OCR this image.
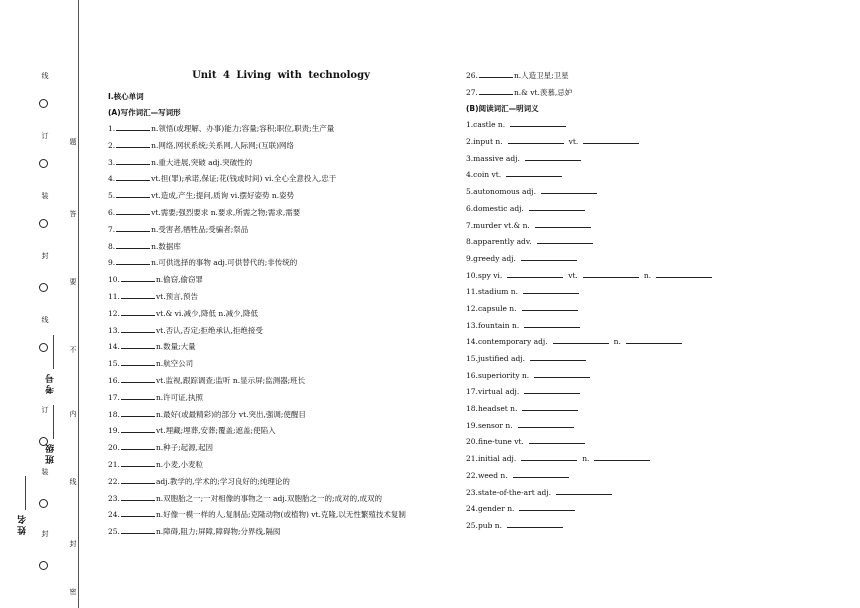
线
订
装
封
线
订
装
封
姓名
班级
考号
题
答
要
不
内
线
封
密
Unit 4 Living with technology
Ⅰ.核心单词
(A)写作词汇—写词形
1.	n.领悟(或理解、办事)能力;容量;容积;职位,职责;生产量
2.	n.网络,网状系统;关系网,人际网;(互联)网络
3.	n.重大进展,突破 adj.突破性的
4.	vt.担(罪);承诺,保证;花(钱或时间) vi.全心全意投入,忠于
5.	vt.造成,产生;提问,质询 vi.摆好姿势 n.姿势
6.	vt.需要;强烈要求 n.要求,所需之物;需求,需要
7.	n.受害者,牺牲品;受骗者;祭品
8.	n.数据库
9.	n.可供选择的事物 adj.可供替代的;非传统的
10.	n.偷窃,偷窃罪
11.	vt.预言,预告
12.	vt.& vi.减少,降低 n.减少,降低
13.	vt.否认,否定;拒绝承认,拒绝接受
14.	n.数量;大量
15.	n.航空公司
16.	vt.监视,跟踪调查;监听 n.显示屏;监测器;班长
17.	n.许可证,执照
18.	n.最好(或最精彩)的部分 vt.突出,强调;使醒目
19.	vt.埋藏;埋葬,安葬;覆盖;遮盖;使陷入
20.	n.种子;起源,起因
21.	n.小麦,小麦粒
22.	adj.教学的,学术的;学习良好的;纯理论的
23.	n.双胞胎之一;一对相像的事物之一 adj.双胞胎之一的;成对的,成双的
24.	n.好像一模一样的人,复制品;克隆动物(或植物) vt.克隆,以无性繁殖技术复制
25.	n.障碍,阻力;屏障,障碍物;分界线,隔阂
26.	n.人造卫星;卫星
27.	n.& vt.羡慕,忌妒
(B)阅读词汇—明词义
1.castle n.
2.input n.	vt.
3.massive adj.
4.coin vt.
5.autonomous adj.
6.domestic adj.
7.murder vt.& n.
8.apparently adv.
9.greedy adj.
10.spy vi.	vt.	n.
11.stadium n.
12.capsule n.
13.fountain n.
14.contemporary adj.	n.
15.justified adj.
16.superiority n.
17.virtual adj.
18.headset n.
19.sensor n.
20.fine-tune vt.
21.initial adj.	n.
22.weed n.
23.state-of-the-art adj.
24.gender n.
25.pub n.
